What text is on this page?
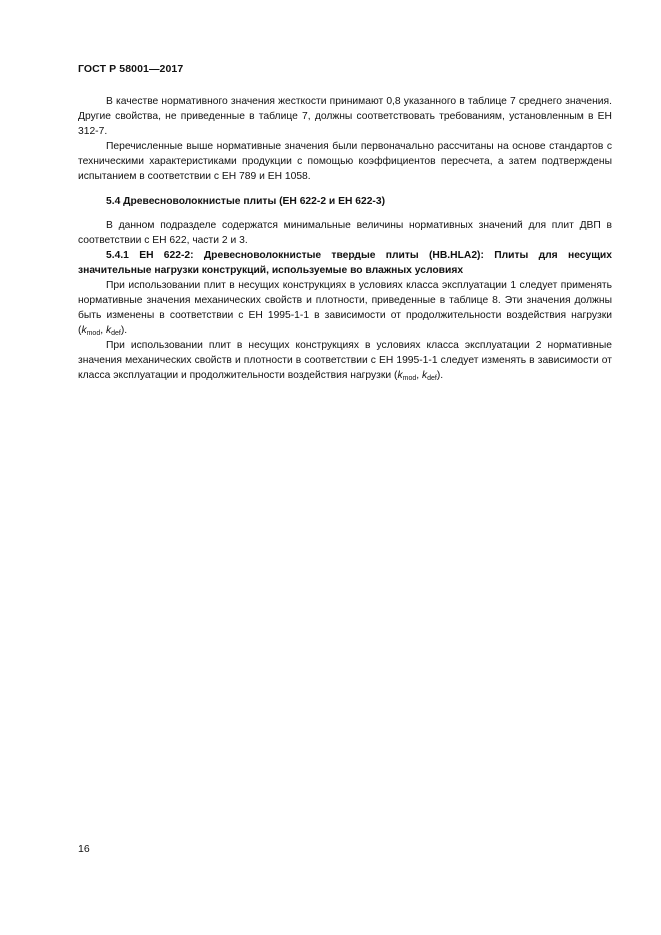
ГОСТ Р 58001—2017

В качестве нормативного значения жесткости принимают 0,8 указанного в таблице 7 среднего значения. Другие свойства, не приведенные в таблице 7, должны соответствовать требованиям, установленным в ЕН 312-7.

Перечисленные выше нормативные значения были первоначально рассчитаны на основе стандартов с техническими характеристиками продукции с помощью коэффициентов пересчета, а затем подтверждены испытанием в соответствии с ЕН 789 и ЕН 1058.

5.4 Древесноволокнистые плиты (ЕН 622-2 и ЕН 622-3)

В данном подразделе содержатся минимальные величины нормативных значений для плит ДВП в соответствии с ЕН 622, части 2 и 3.

5.4.1 ЕН 622-2: Древесноволокнистые твердые плиты (HB.HLA2): Плиты для несущих значительные нагрузки конструкций, используемые во влажных условиях

При использовании плит в несущих конструкциях в условиях класса эксплуатации 1 следует применять нормативные значения механических свойств и плотности, приведенные в таблице 8. Эти значения должны быть изменены в соответствии с ЕН 1995-1-1 в зависимости от продолжительности воздействия нагрузки ($k_{mod}$, $k_{def}$).

При использовании плит в несущих конструкциях в условиях класса эксплуатации 2 нормативные значения механических свойств и плотности в соответствии с ЕН 1995-1-1 следует изменять в зависимости от класса эксплуатации и продолжительности воздействия нагрузки ($k_{mod}$, $k_{def}$).

16
